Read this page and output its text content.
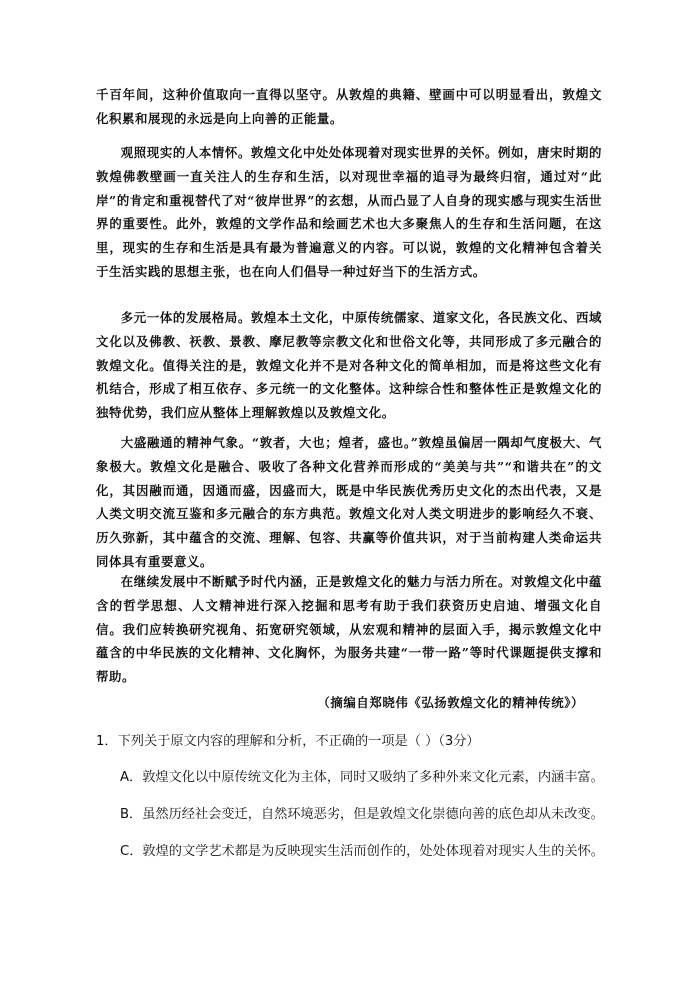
千百年间，这种价值取向一直得以坚守。从敦煌的典籍、壁画中可以明显看出，敦煌文化积累和展现的永远是向上向善的正能量。

观照现实的人本情怀。敦煌文化中处处体现着对现实世界的关怀。例如，唐宋时期的敦煌佛教壁画一直关注人的生存和生活，以对现世幸福的追寻为最终归宿，通过对“此岸”的肯定和重视替代了对“彼岸世界”的玄想，从而凸显了人自身的现实感与现实生活世界的重要性。此外，敦煌的文学作品和绘画艺术也大多聚焦人的生存和生活问题，在这里，现实的生存和生活是具有最为普遍意义的内容。可以说，敦煌的文化精神包含着关于生活实践的思想主张，也在向人们倡导一种过好当下的生活方式。

多元一体的发展格局。敦煌本土文化，中原传统儒家、道家文化，各民族文化、西域文化以及佛教、祆教、景教、摩尼教等宗教文化和世俗文化等，共同形成了多元融合的敦煌文化。值得关注的是，敦煌文化并不是对各种文化的简单相加，而是将这些文化有机结合，形成了相互依存、多元统一的文化整体。这种综合性和整体性正是敦煌文化的独特优势，我们应从整体上理解敦煌以及敦煌文化。

大盛融通的精神气象。“敦者，大也；煌者，盛也。”敦煌虽偏居一隅却气度极大、气象极大。敦煌文化是融合、吸收了各种文化营养而形成的“美美与共”“和谐共在”的文化，其因融而通，因通而盛，因盛而大，既是中华民族优秀历史文化的杰出代表，又是人类文明交流互鉴和多元融合的东方典范。敦煌文化对人类文明进步的影响经久不衰、历久弥新，其中蕴含的交流、理解、包容、共赢等价值共识，对于当前构建人类命运共同体具有重要意义。

在继续发展中不断赋予时代内涵，正是敦煌文化的魅力与活力所在。对敦煌文化中蕴含的哲学思想、人文精神进行深入挖掘和思考有助于我们获资历史启迪、增强文化自信。我们应转换研究视角、拓宽研究领域，从宏观和精神的层面入手，揭示敦煌文化中蕴含的中华民族的文化精神、文化胸怀，为服务共建“一带一路”等时代课题提供支撑和帮助。

（摘编自郑晓伟《弘扬敦煌文化的精神传统》）

1．下列关于原文内容的理解和分析，不正确的一项是（ ）（3分）

A．敦煌文化以中原传统文化为主体，同时又吸纳了多种外来文化元素，内涵丰富。

B．虽然历经社会变迁，自然环境恶劣，但是敦煌文化崇德向善的底色却从未改变。

C．敦煌的文学艺术都是为反映现实生活而创作的，处处体现着对现实人生的关怀。
